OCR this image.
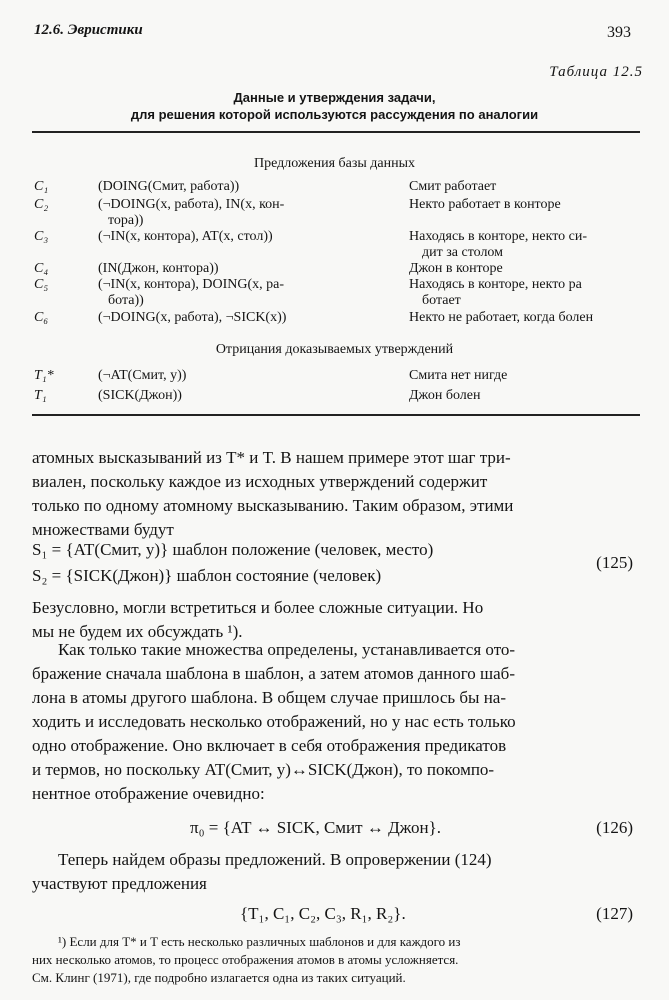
12.6. Эвристики	393
Таблица 12.5
Данные и утверждения задачи,
для решения которой используются рассуждения по аналогии
Предложения базы данных
C₁	(DOING(Смит, работа))	Смит работает
C₂	(¬DOING(x, работа), IN(x, кон-	Некто работает в конторе
тора))
C₃	(¬IN(x, контора), AT(x, стол))	Находясь в конторе, некто си-
дит за столом
C₄	(IN(Джон, контора))	Джон в конторе
C₅	(¬IN(x, контора), DOING(x, ра-	Находясь в конторе, некто ра
бота))	ботает
C₆	(¬DOING(x, работа), ¬SICK(x))	Некто не работает, когда болен
Отрицания доказываемых утверждений
T₁*	(¬AT(Смит, y))	Смита нет нигде
T₁	(SICK(Джон))	Джон болен
атомных высказываний из T* и T. В нашем примере этот шаг три-
виален, поскольку каждое из исходных утверждений содержит
только по одному атомному высказыванию. Таким образом, этими
множествами будут
S₁ = {AT(Смит, y)} шаблон положение (человек, место)
S₂ = {SICK(Джон)} шаблон состояние (человек)
(125)
Безусловно, могли встретиться и более сложные ситуации. Но
мы не будем их обсуждать ¹).
Как только такие множества определены, устанавливается ото-
бражение сначала шаблона в шаблон, а затем атомов данного шаб-
лона в атомы другого шаблона. В общем случае пришлось бы на-
ходить и исследовать несколько отображений, но у нас есть только
одно отображение. Оно включает в себя отображения предикатов
и термов, но поскольку AT(Смит, y)↔SICK(Джон), то покомпо-
нентное отображение очевидно:
π₀ = {AT ↔ SICK, Смит ↔ Джон}.	(126)
Теперь найдем образы предложений. В опровержении (124)
участвуют предложения
{T₁, C₁, C₂, C₃, R₁, R₂}.	(127)
¹) Если для T* и T есть несколько различных шаблонов и для каждого из
них несколько атомов, то процесс отображения атомов в атомы усложняется.
См. Клинг (1971), где подробно излагается одна из таких ситуаций.
